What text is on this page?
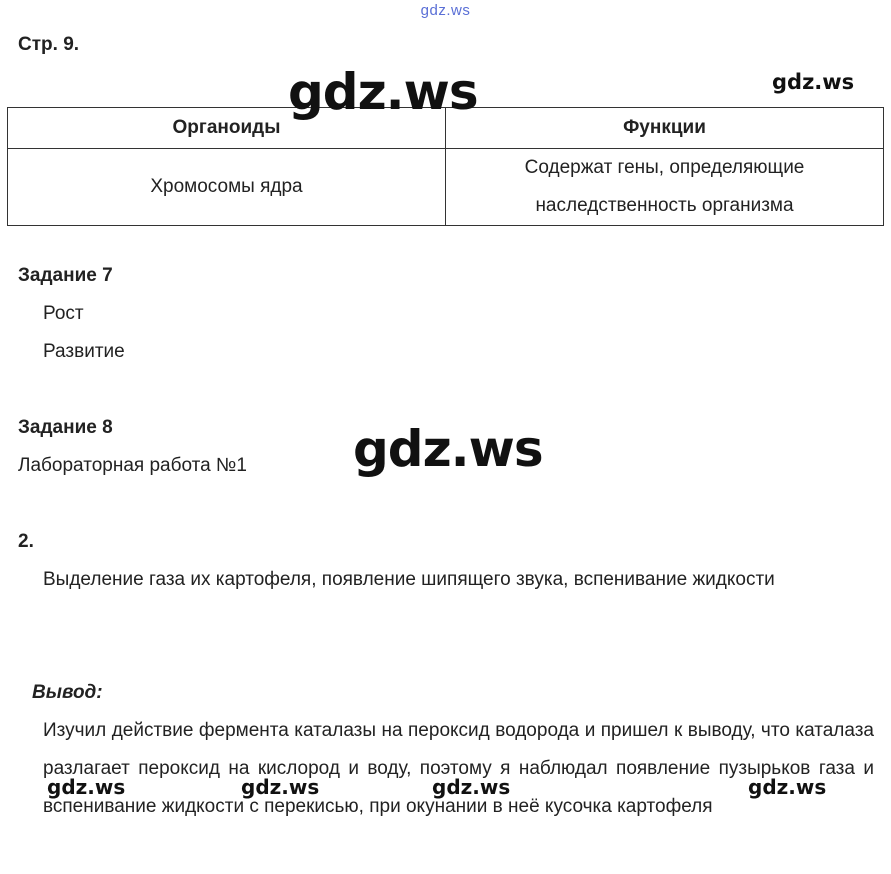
gdz.ws
Стр. 9.
gdz.ws
Органоиды	Функции
Хромосомы ядра	Содержат гены, определяющие
наследственность организма
gdz.ws
Задание 7
Рост
Развитие
Задание 8
Лабораторная работа №1 gdz.ws
2.
Выделение газа их картофеля, появление шипящего звука, вспенивание жидкости
Вывод:
Изучил действие фермента каталазы на пероксид водорода и пришел к выводу, что каталаза разлагает пероксид на кислород и воду, поэтому я наблюдал появление пузырьков газа и вспенивание жидкости с перекисью, при окунании в неё кусочка картофеля
gdz.ws	gdz.ws	gdz.ws	gdz.ws
